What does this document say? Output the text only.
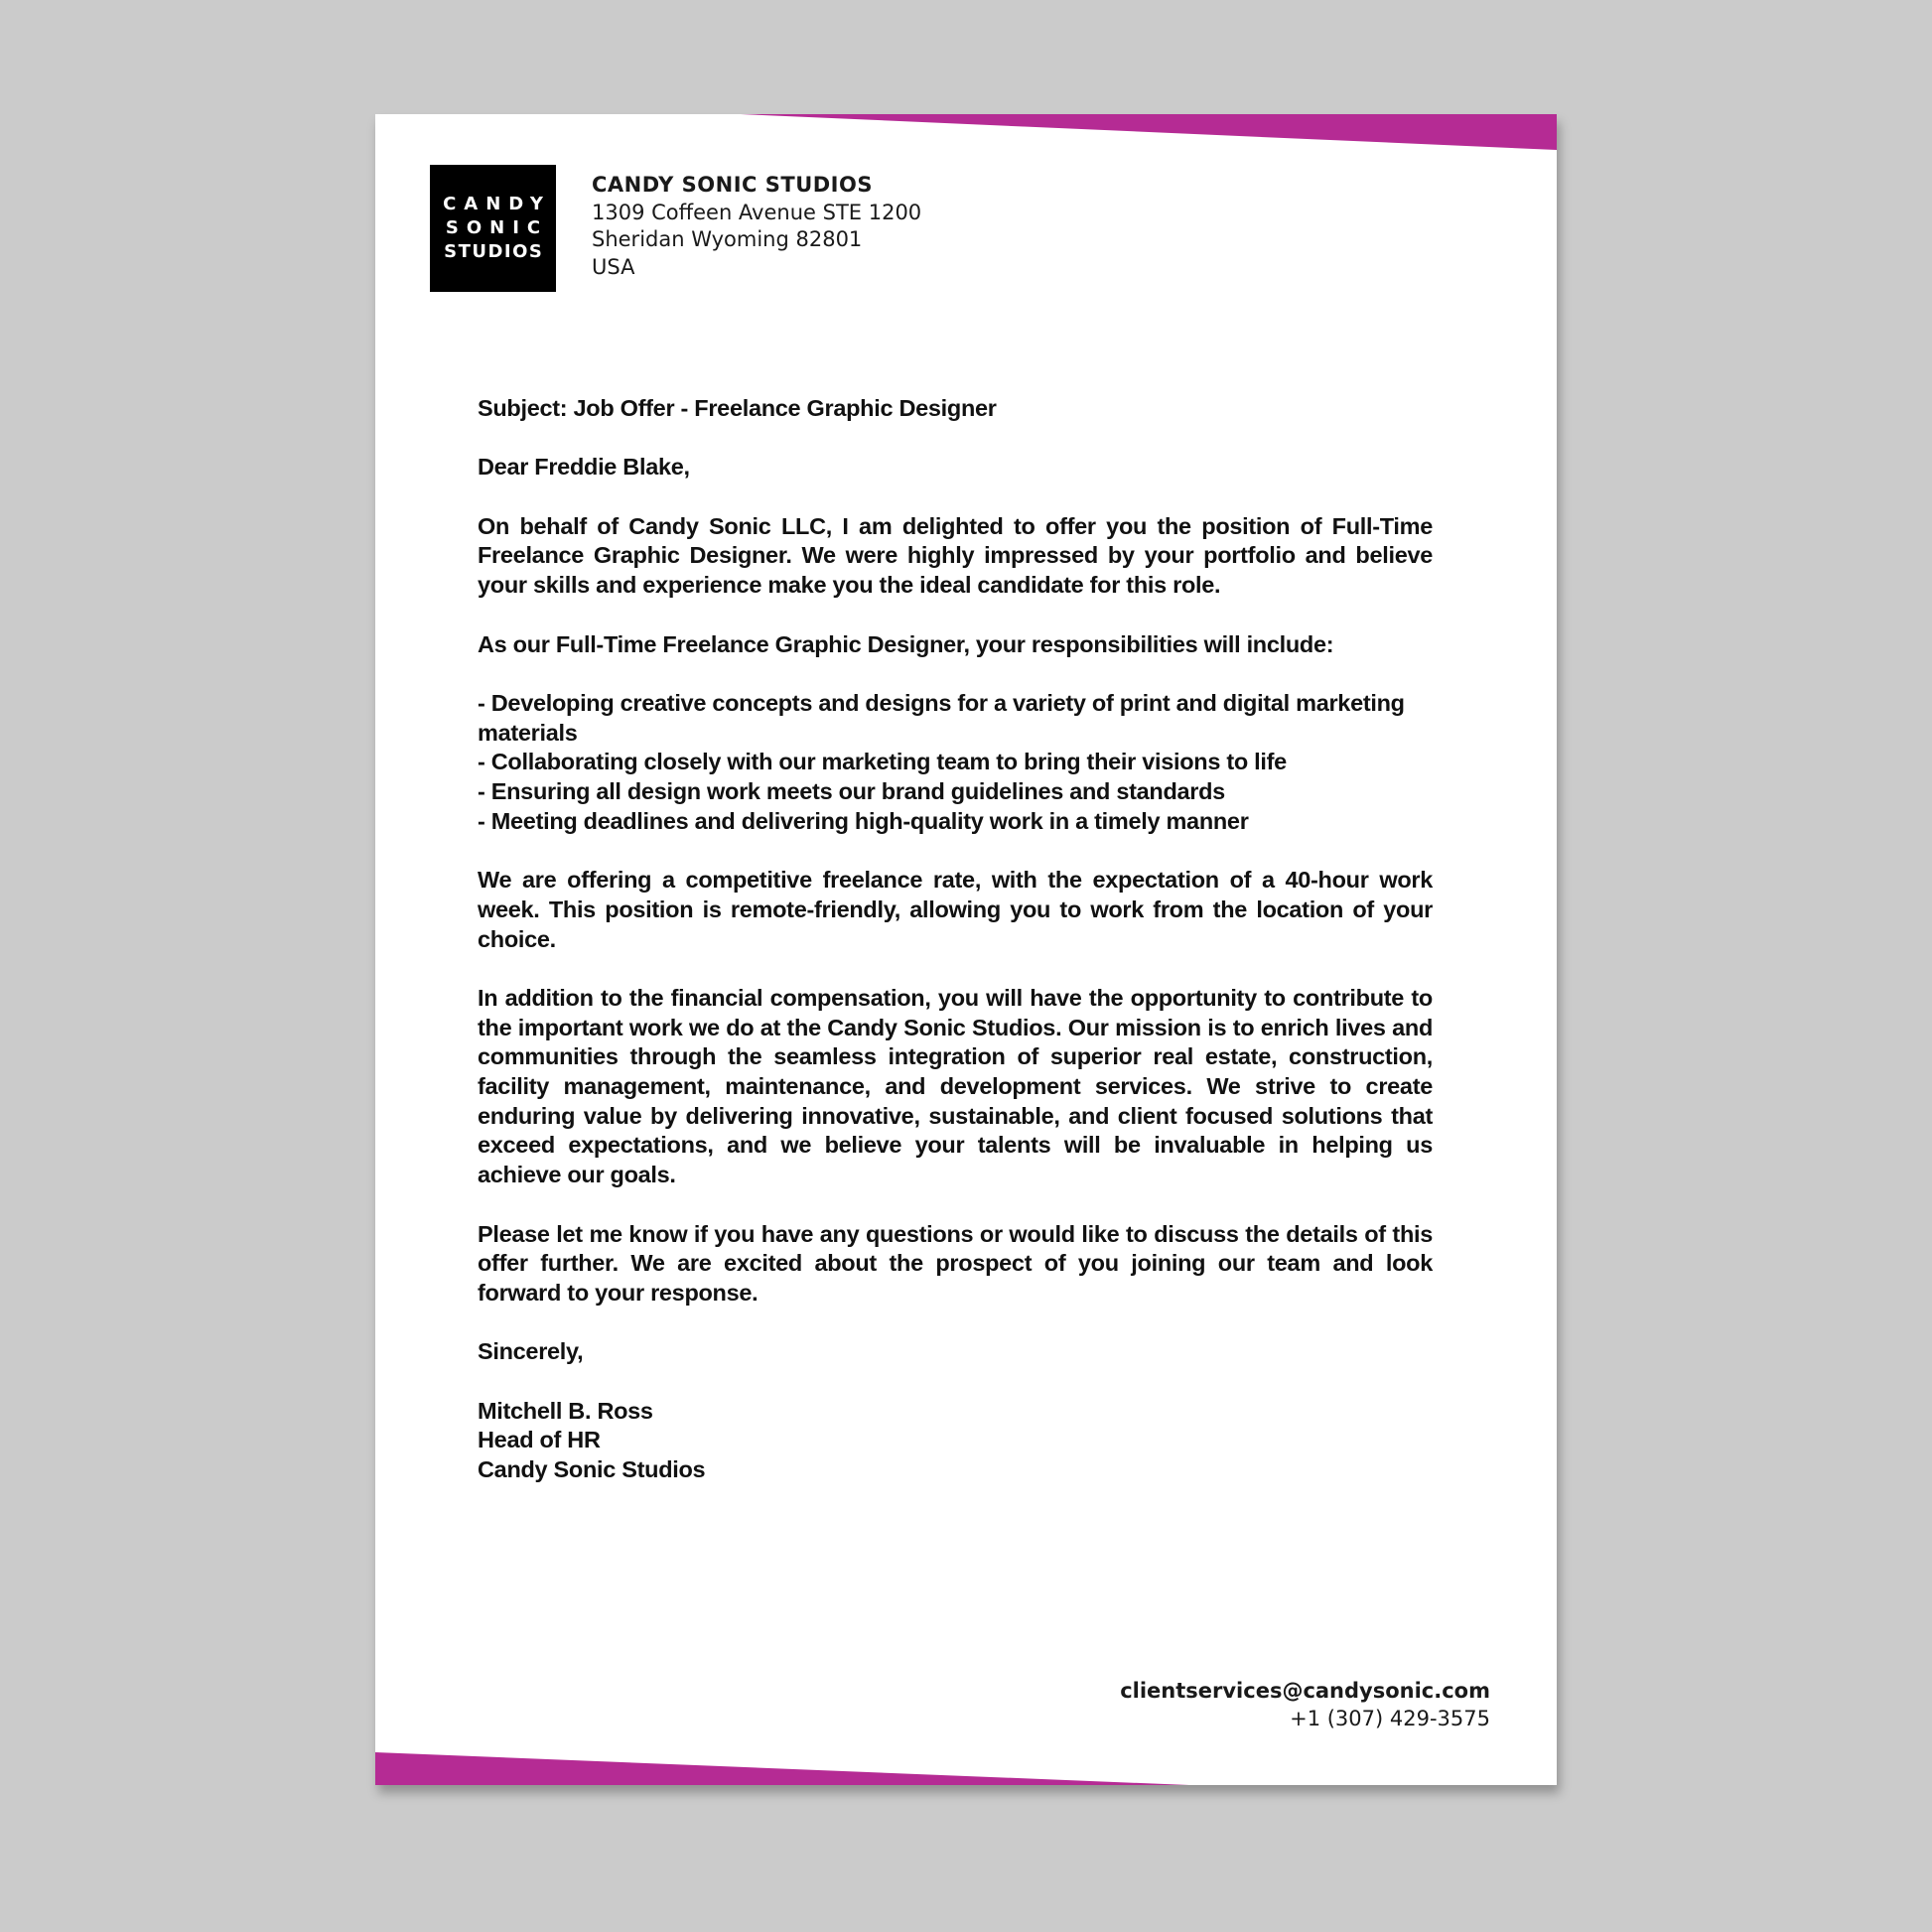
CANDY
SONIC
STUDIOS
CANDY SONIC STUDIOS
1309 Coffeen Avenue STE 1200
Sheridan Wyoming 82801
USA

Subject: Job Offer - Freelance Graphic Designer

Dear Freddie Blake,

On behalf of Candy Sonic LLC, I am delighted to offer you the position of Full-Time Freelance Graphic Designer. We were highly impressed by your portfolio and believe your skills and experience make you the ideal candidate for this role.

As our Full-Time Freelance Graphic Designer, your responsibilities will include:

- Developing creative concepts and designs for a variety of print and digital marketing materials
- Collaborating closely with our marketing team to bring their visions to life
- Ensuring all design work meets our brand guidelines and standards
- Meeting deadlines and delivering high-quality work in a timely manner

We are offering a competitive freelance rate, with the expectation of a 40-hour work week. This position is remote-friendly, allowing you to work from the location of your choice.

In addition to the financial compensation, you will have the opportunity to contribute to the important work we do at the Candy Sonic Studios. Our mission is to enrich lives and communities through the seamless integration of superior real estate, construction, facility management, maintenance, and development services. We strive to create enduring value by delivering innovative, sustainable, and client focused solutions that exceed expectations, and we believe your talents will be invaluable in helping us achieve our goals.

Please let me know if you have any questions or would like to discuss the details of this offer further. We are excited about the prospect of you joining our team and look forward to your response.

Sincerely,

Mitchell B. Ross
Head of HR
Candy Sonic Studios
clientservices@candysonic.com
+1 (307) 429-3575
